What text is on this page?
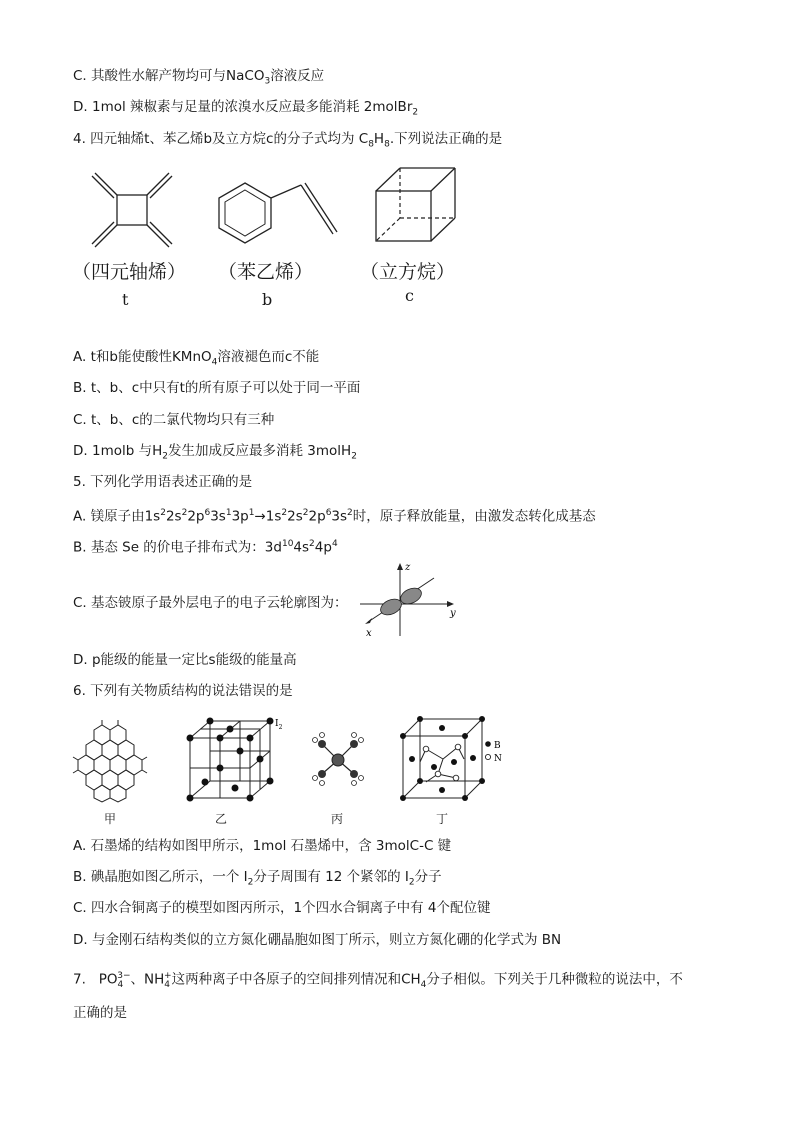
C. 其酸性水解产物均可与NaCO$_3$溶液反应
D. 1mol 辣椒素与足量的浓溴水反应最多能消耗 2molBr$_2$
4. 四元轴烯t、苯乙烯b及立方烷c的分子式均为 $C_8H_8$.下列说法正确的是
（四元轴烯） （苯乙烯） （立方烷）
t	b	c
A. t和b能使酸性KMnO$_4$溶液褪色而c不能
B. t、b、c中只有t的所有原子可以处于同一平面
C. t、b、c的二氯代物均只有三种
D. 1molb 与$H_2$发生加成反应最多消耗 3molH$_2$
5. 下列化学用语表述正确的是
A. 镁原子由$1s^22s^22p^63s^13p^1\to 1s^22s^22p^63s^2$时，原子释放能量，由激发态转化成基态
B. 基态 Se 的价电子排布式为：$3d^{10}4s^24p^4$
C. 基态铍原子最外层电子的电子云轮廓图为：
z
y
x
D. p能级的能量一定比s能级的能量高
6. 下列有关物质结构的说法错误的是
$I_2$
B
N
甲	乙	丙	丁
A. 石墨烯的结构如图甲所示，1mol 石墨烯中，含 3molC-C 键
B. 碘晶胞如图乙所示，一个 $I_2$分子周围有 12 个紧邻的 $I_2$分子
C. 四水合铜离子的模型如图丙所示，1个四水合铜离子中有 4个配位键
D. 与金刚石结构类似的立方氮化硼晶胞如图丁所示，则立方氮化硼的化学式为 BN
7.   $PO_4^{3-}$、$NH_4^+$这两种离子中各原子的空间排列情况和$CH_4$分子相似。下列关于几种微粒的说法中，不
正确的是
